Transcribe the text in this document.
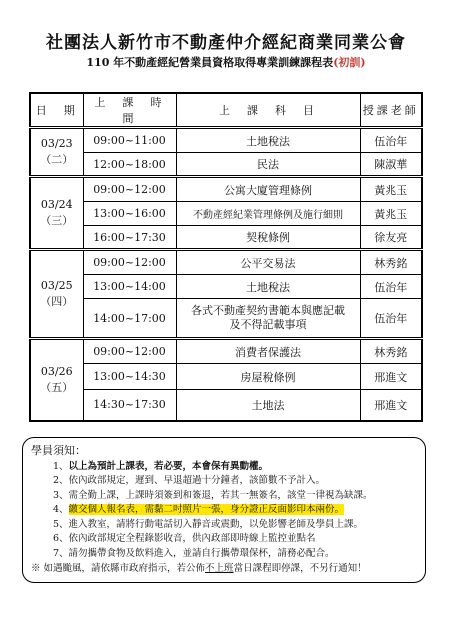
社團法人新竹市不動產仲介經紀商業同業公會
110 年不動產經紀營業員資格取得專業訓練課程表(初訓)
日　期	上　課　時　間	上　課　科　目	授課老師
03/23
（二）	09:00~11:00	土地稅法	伍治年
	12:00~18:00	民法	陳淑華
03/24
（三）	09:00~12:00	公寓大廈管理條例	黃兆玉
	13:00~16:00	不動產經紀業管理條例及施行細則	黃兆玉
	16:00~17:30	契稅條例	徐友亮
03/25
（四）	09:00~12:00	公平交易法	林秀銘
	13:00~14:00	土地稅法	伍治年
	14:00~17:00	各式不動產契約書範本與應記載
及不得記載事項	伍治年
03/26
（五）	09:00~12:00	消費者保護法	林秀銘
	13:00~14:30	房屋稅條例	邢進文
	14:30~17:30	土地法	邢進文
學員須知：
1、以上為預計上課表，若必要，本會保有異動權。
2、依內政部規定，遲到、早退超過十分鐘者，該節數不予計入。
3、需全勤上課，上課時須簽到和簽退，若其一無簽名，該堂一律視為缺課。
4、繳交個人報名表，需黏二吋照片一張，身分證正反面影印本兩份。
5、進入教室，請將行動電話切入靜音或震動，以免影響老師及學員上課。
6、依內政部規定全程錄影收音，供內政部即時線上監控並點名
7、請勿攜帶食物及飲料進入，並請自行攜帶環保杯，請務必配合。
※ 如遇颱風，請依縣市政府指示，若公佈不上班當日課程即停課，不另行通知！
